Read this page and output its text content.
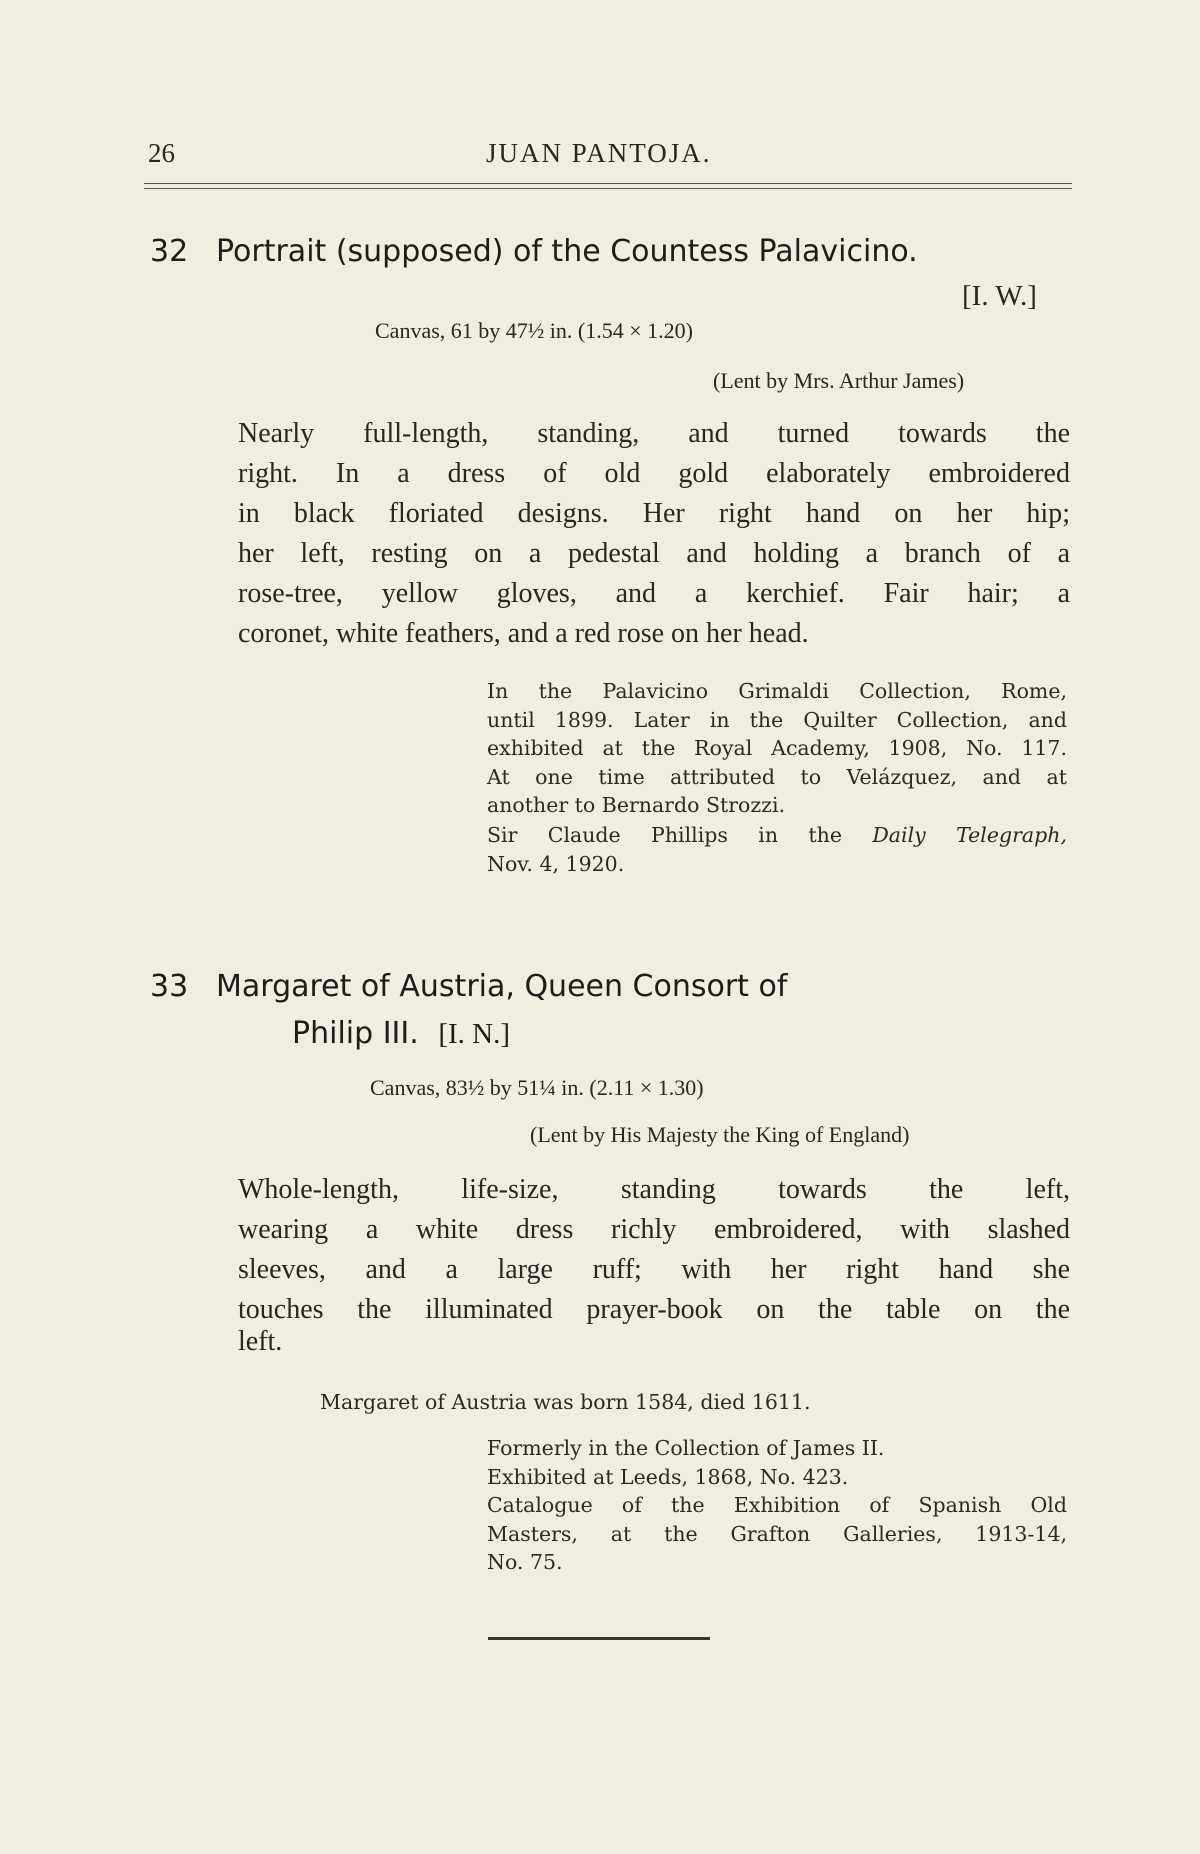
26	JUAN PANTOJA.
32 Portrait (supposed) of the Countess Palavicino.
[I. W.]
Canvas, 61 by 47½ in. (1.54 × 1.20)
(Lent by Mrs. Arthur James)
Nearly full-length, standing, and turned towards the
right. In a dress of old gold elaborately embroidered
in black floriated designs. Her right hand on her hip;
her left, resting on a pedestal and holding a branch of a
rose-tree, yellow gloves, and a kerchief. Fair hair; a
coronet, white feathers, and a red rose on her head.
In the Palavicino Grimaldi Collection, Rome,
until 1899. Later in the Quilter Collection, and
exhibited at the Royal Academy, 1908, No. 117.
At one time attributed to Velázquez, and at
another to Bernardo Strozzi.
Sir Claude Phillips in the Daily Telegraph,
Nov. 4, 1920.
33 Margaret of Austria, Queen Consort of
Philip III. [I. N.]
Canvas, 83½ by 51¼ in. (2.11 × 1.30)
(Lent by His Majesty the King of England)
Whole-length, life-size, standing towards the left,
wearing a white dress richly embroidered, with slashed
sleeves, and a large ruff; with her right hand she
touches the illuminated prayer-book on the table on the
left.
Margaret of Austria was born 1584, died 1611.
Formerly in the Collection of James II.
Exhibited at Leeds, 1868, No. 423.
Catalogue of the Exhibition of Spanish Old
Masters, at the Grafton Galleries, 1913-14,
No. 75.
